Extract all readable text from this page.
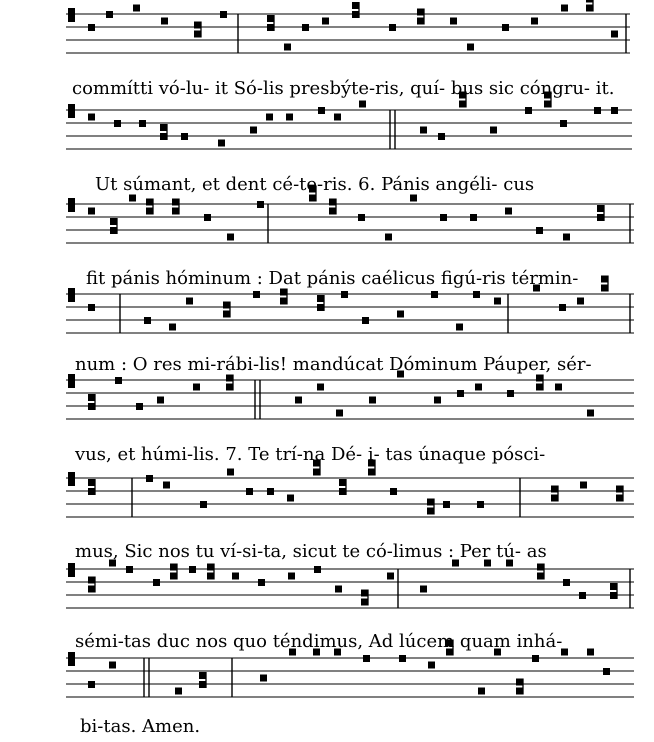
commítti vó-lu- it Só-lis presbýte-ris, quí- bus sic cóngru- it.
Ut súmant, et dent cé-te-ris. 6. Pánis angéli- cus
fit pánis hóminum : Dat pánis caélicus figú-ris términ-
num : O res mi-rábi-lis! mandúcat Dóminum Páuper, sér-
vus, et húmi-lis. 7. Te trí-na Dé- i- tas únaque pósci-
mus, Sic nos tu ví-si-ta, sicut te có-limus : Per tú- as
sémi-tas duc nos quo téndimus, Ad lúcem quam inhá-
bi-tas. Amen.
